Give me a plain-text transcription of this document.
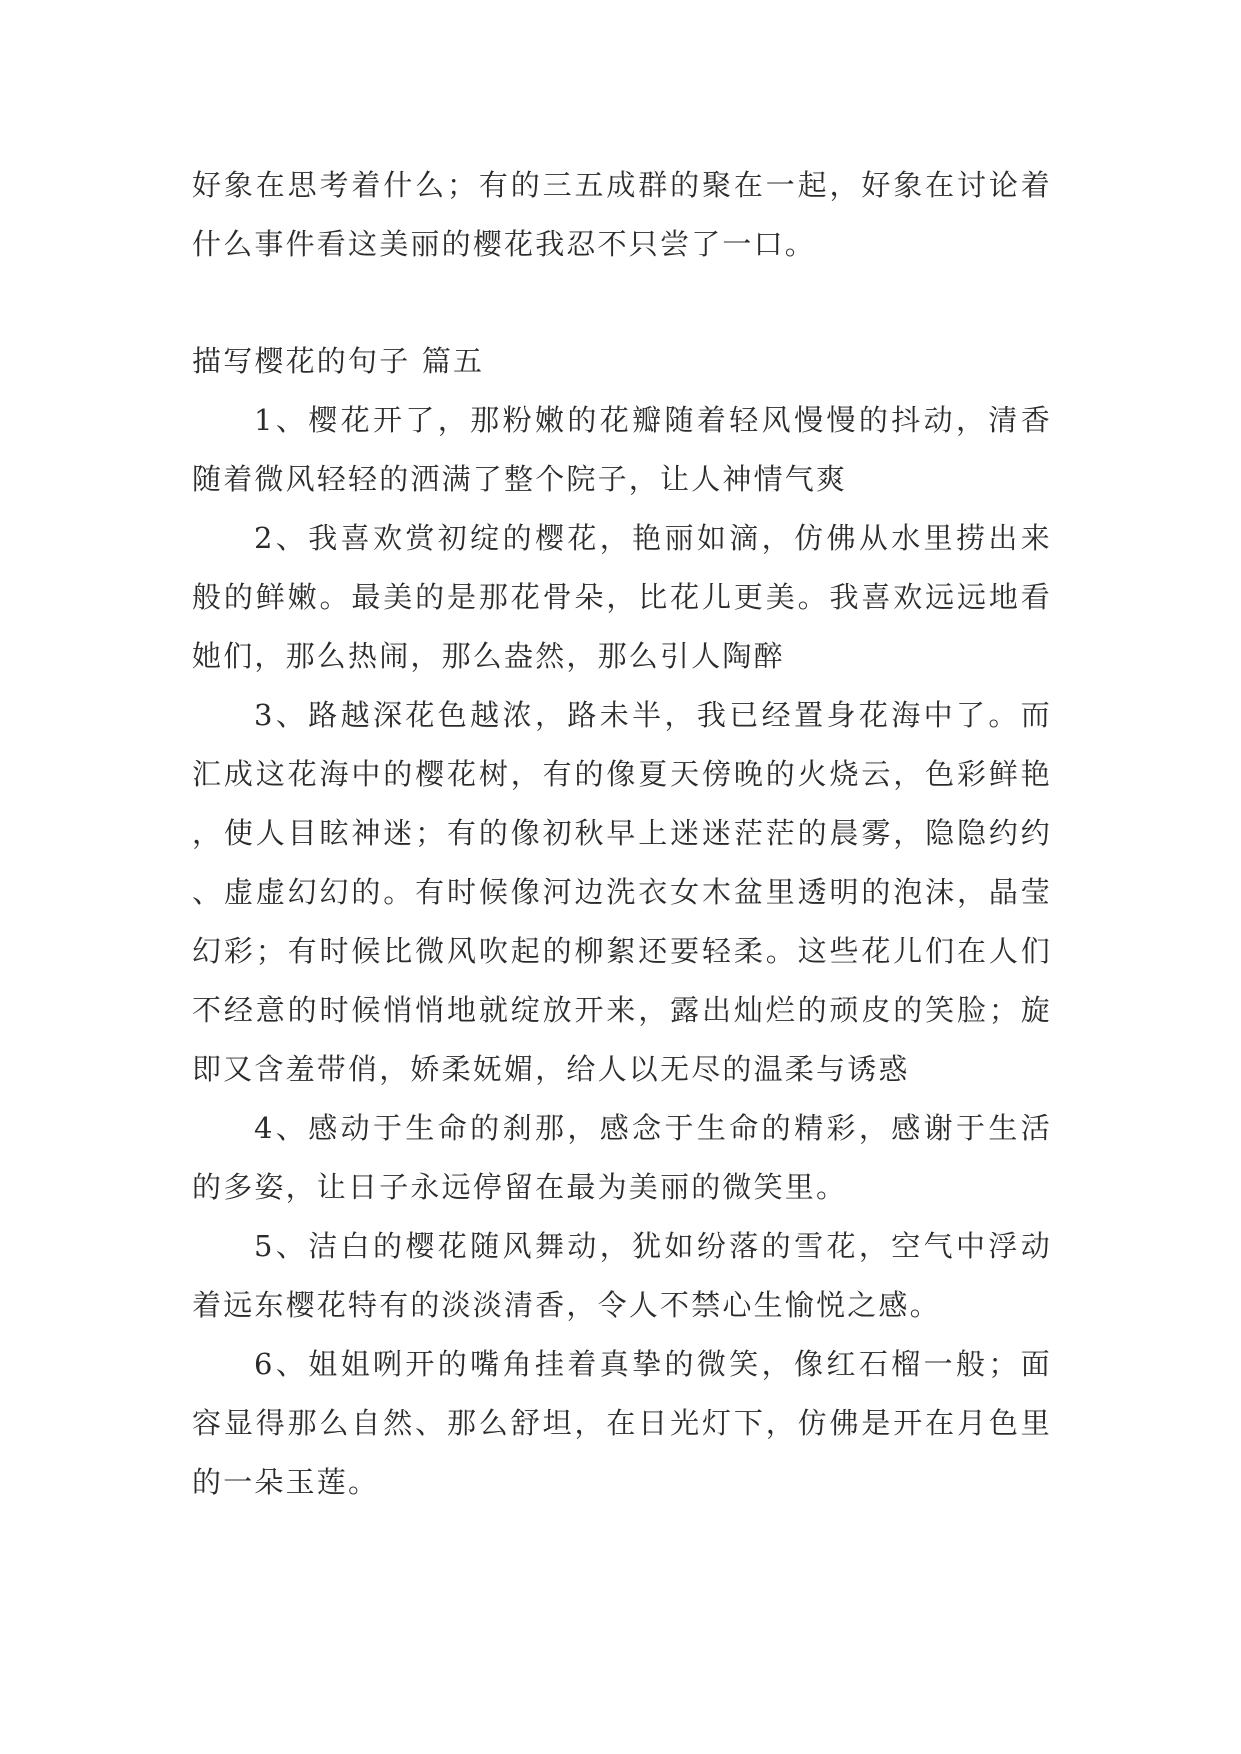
好象在思考着什么；有的三五成群的聚在一起，好象在讨论着什么事件看这美丽的樱花我忍不只尝了一口。

描写樱花的句子 篇五

1、樱花开了，那粉嫩的花瓣随着轻风慢慢的抖动，清香随着微风轻轻的洒满了整个院子，让人神情气爽

2、我喜欢赏初绽的樱花，艳丽如滴，仿佛从水里捞出来般的鲜嫩。最美的是那花骨朵，比花儿更美。我喜欢远远地看她们，那么热闹，那么盎然，那么引人陶醉

3、路越深花色越浓，路未半，我已经置身花海中了。而汇成这花海中的樱花树，有的像夏天傍晚的火烧云，色彩鲜艳，使人目眩神迷；有的像初秋早上迷迷茫茫的晨雾，隐隐约约、虚虚幻幻的。有时候像河边洗衣女木盆里透明的泡沫，晶莹幻彩；有时候比微风吹起的柳絮还要轻柔。这些花儿们在人们不经意的时候悄悄地就绽放开来，露出灿烂的顽皮的笑脸；旋即又含羞带俏，娇柔妩媚，给人以无尽的温柔与诱惑

4、感动于生命的刹那，感念于生命的精彩，感谢于生活的多姿，让日子永远停留在最为美丽的微笑里。

5、洁白的樱花随风舞动，犹如纷落的雪花，空气中浮动着远东樱花特有的淡淡清香，令人不禁心生愉悦之感。

6、姐姐咧开的嘴角挂着真挚的微笑，像红石榴一般；面容显得那么自然、那么舒坦，在日光灯下，仿佛是开在月色里的一朵玉莲。
